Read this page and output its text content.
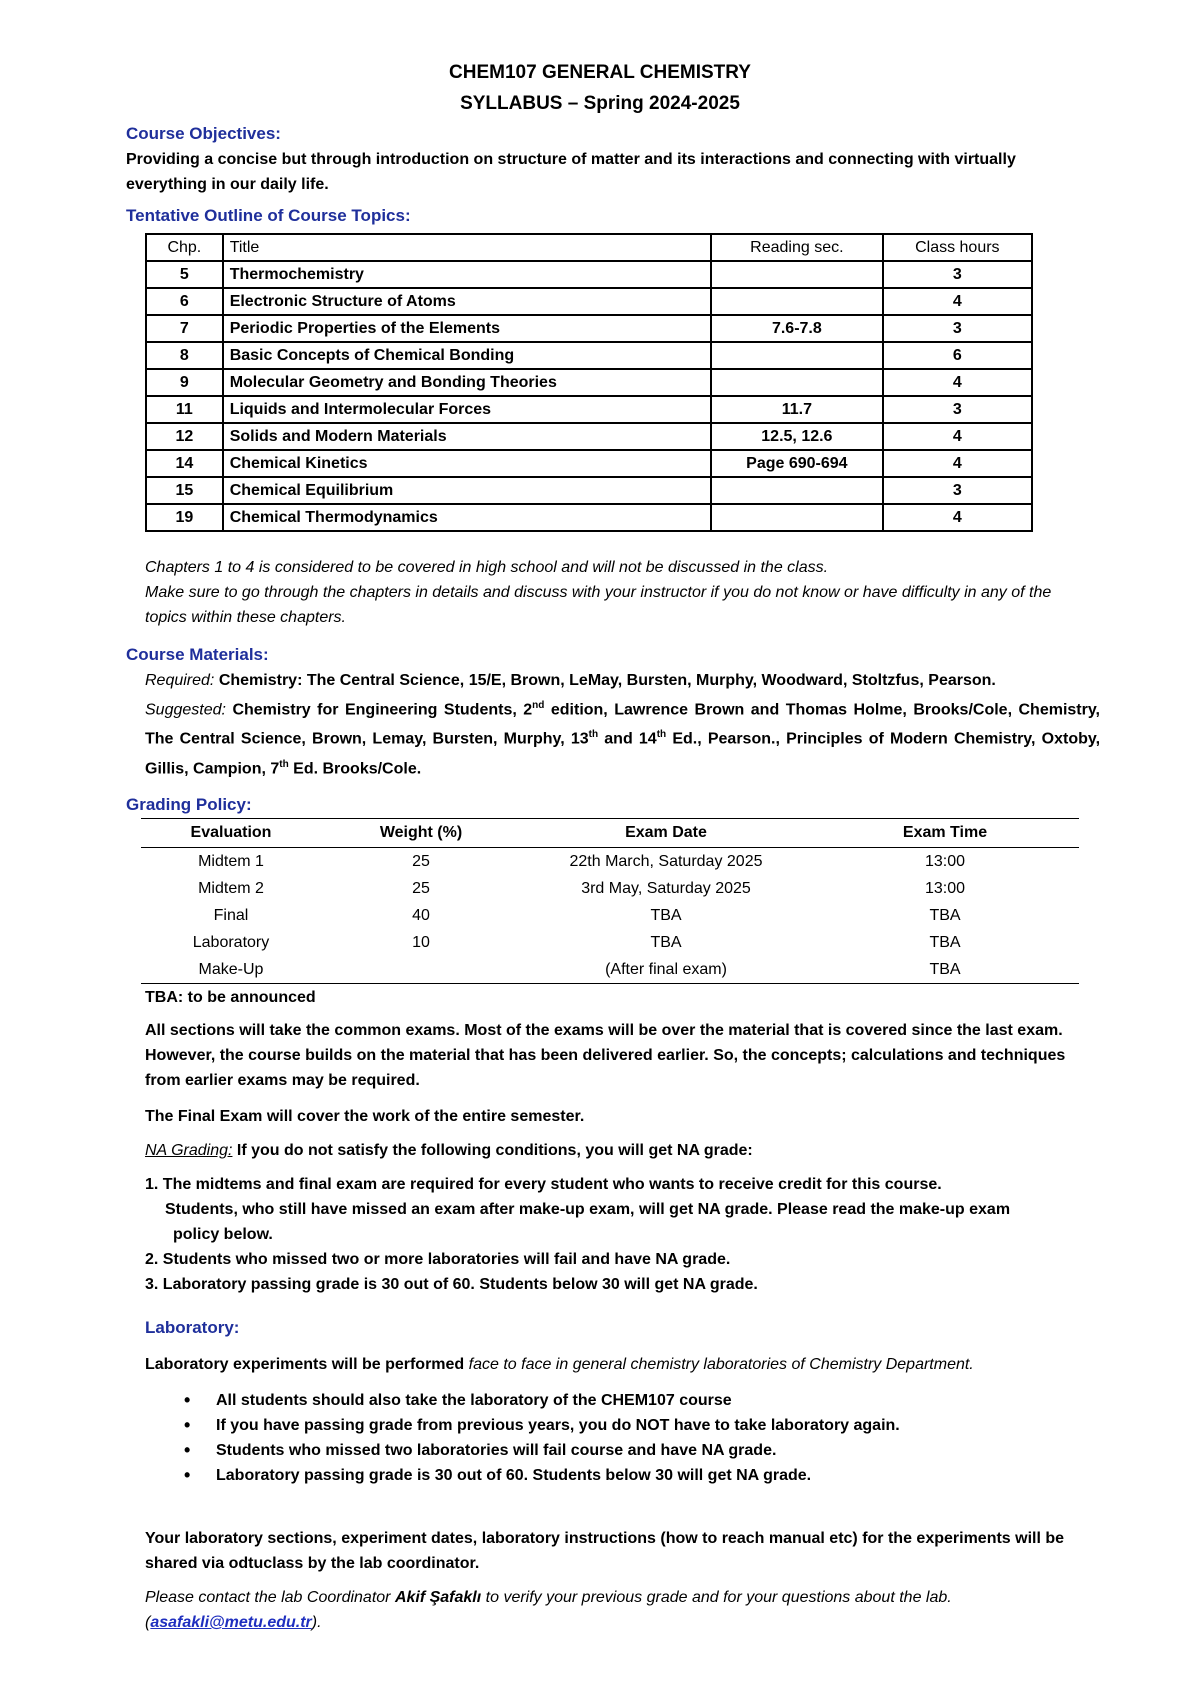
CHEM107 GENERAL CHEMISTRY
SYLLABUS – Spring 2024-2025
Course Objectives:
Providing a concise but through introduction on structure of matter and its interactions and connecting with virtually everything in our daily life.
Tentative Outline of Course Topics:
Chp.	Title	Reading sec.	Class hours
5	Thermochemistry		3
6	Electronic Structure of Atoms		4
7	Periodic Properties of the Elements	7.6-7.8	3
8	Basic Concepts of Chemical Bonding		6
9	Molecular Geometry and Bonding Theories		4
11	Liquids and Intermolecular Forces	11.7	3
12	Solids and Modern Materials	12.5, 12.6	4
14	Chemical Kinetics	Page 690-694	4
15	Chemical Equilibrium		3
19	Chemical Thermodynamics		4
Chapters 1 to 4 is considered to be covered in high school and will not be discussed in the class.
Make sure to go through the chapters in details and discuss with your instructor if you do not know or have difficulty in any of the topics within these chapters.
Course Materials:
Required: Chemistry: The Central Science, 15/E, Brown, LeMay, Bursten, Murphy, Woodward, Stoltzfus, Pearson.
Suggested: Chemistry for Engineering Students, 2nd edition, Lawrence Brown and Thomas Holme, Brooks/Cole, Chemistry, The Central Science, Brown, Lemay, Bursten, Murphy, 13th and 14th Ed., Pearson., Principles of Modern Chemistry, Oxtoby, Gillis, Campion, 7th Ed. Brooks/Cole.
Grading Policy:
Evaluation	Weight (%)	Exam Date	Exam Time
Midtem 1	25	22th March, Saturday 2025	13:00
Midtem 2	25	3rd May, Saturday 2025	13:00
Final	40	TBA	TBA
Laboratory	10	TBA	TBA
Make-Up		(After final exam)	TBA
TBA: to be announced
All sections will take the common exams. Most of the exams will be over the material that is covered since the last exam. However, the course builds on the material that has been delivered earlier. So, the concepts; calculations and techniques from earlier exams may be required.
The Final Exam will cover the work of the entire semester.
NA Grading: If you do not satisfy the following conditions, you will get NA grade:
1. The midtems and final exam are required for every student who wants to receive credit for this course.
Students, who still have missed an exam after make-up exam, will get NA grade. Please read the make-up exam
policy below.
2. Students who missed two or more laboratories will fail and have NA grade.
3. Laboratory passing grade is 30 out of 60. Students below 30 will get NA grade.
Laboratory:
Laboratory experiments will be performed face to face in general chemistry laboratories of Chemistry Department.
• All students should also take the laboratory of the CHEM107 course
• If you have passing grade from previous years, you do NOT have to take laboratory again.
• Students who missed two laboratories will fail course and have NA grade.
• Laboratory passing grade is 30 out of 60. Students below 30 will get NA grade.
Your laboratory sections, experiment dates, laboratory instructions (how to reach manual etc) for the experiments will be shared via odtuclass by the lab coordinator.
Please contact the lab Coordinator Akif Şafaklı to verify your previous grade and for your questions about the lab.
(asafakli@metu.edu.tr).
